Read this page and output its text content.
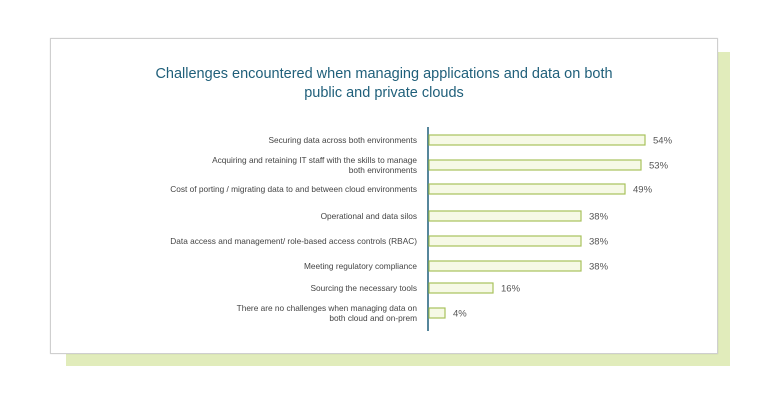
Challenges encountered when managing applications and data on both
public and private clouds
54%
Securing data across both environments
53%
Acquiring and retaining IT staff with the skills to manage both environments
49%
Cost of porting / migrating data to and between cloud environments
38%
Operational and data silos
38%
Data access and management/ role-based access controls (RBAC)
38%
Meeting regulatory compliance
16%
Sourcing the necessary tools
4%
There are no challenges when managing data on both cloud and on-prem
